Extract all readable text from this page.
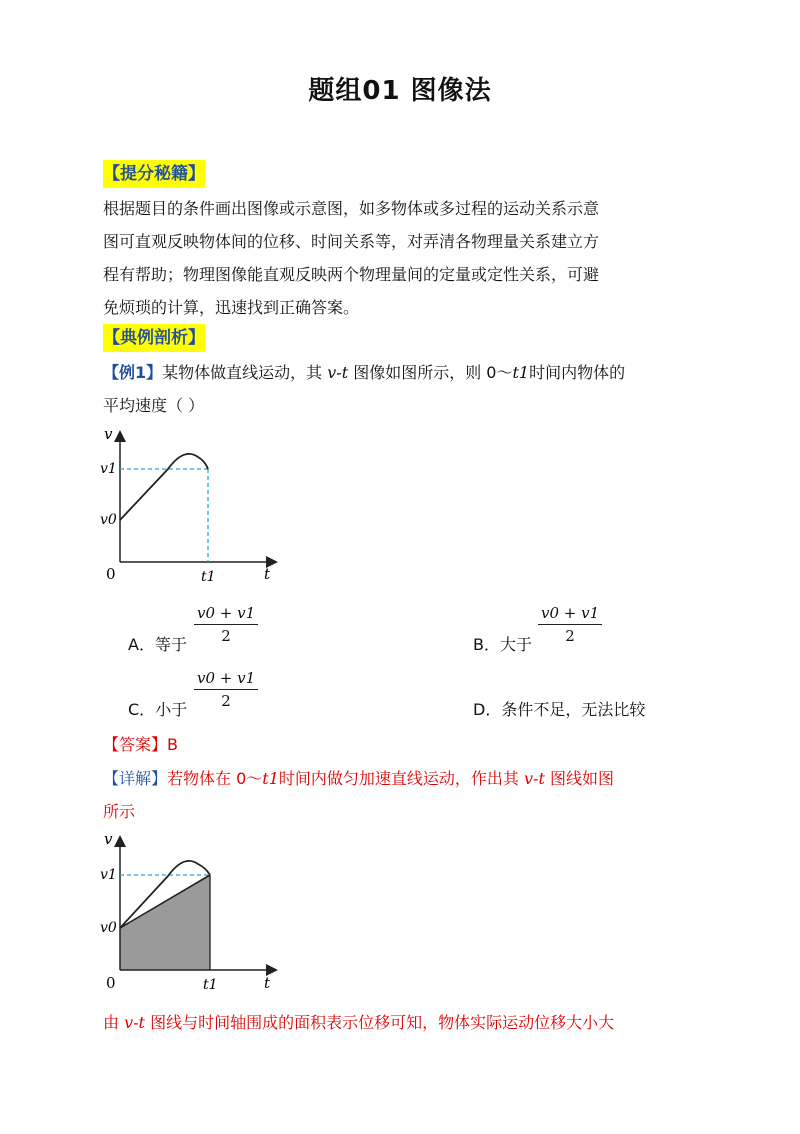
题组01 图像法
【提分秘籍】
根据题目的条件画出图像或示意图，如多物体或多过程的运动关系示意
图可直观反映物体间的位移、时间关系等，对弄清各物理量关系建立方
程有帮助；物理图像能直观反映两个物理量间的定量或定性关系，可避
免烦琐的计算，迅速找到正确答案。
【典例剖析】
【例1】某物体做直线运动，其 v-t 图像如图所示，则 0～t1时间内物体的
平均速度（ ）
v
t
0
v1
v0
t1
A．等于 $\frac{v0 + v1}{2}$	B．大于 $\frac{v0 + v1}{2}$
C．小于 $\frac{v0 + v1}{2}$	D．条件不足，无法比较
【答案】B
【详解】若物体在 0～t1时间内做匀加速直线运动，作出其 v-t 图线如图
所示
v
t
0
v1
v0
t1
由 v-t 图线与时间轴围成的面积表示位移可知，物体实际运动位移大小大
